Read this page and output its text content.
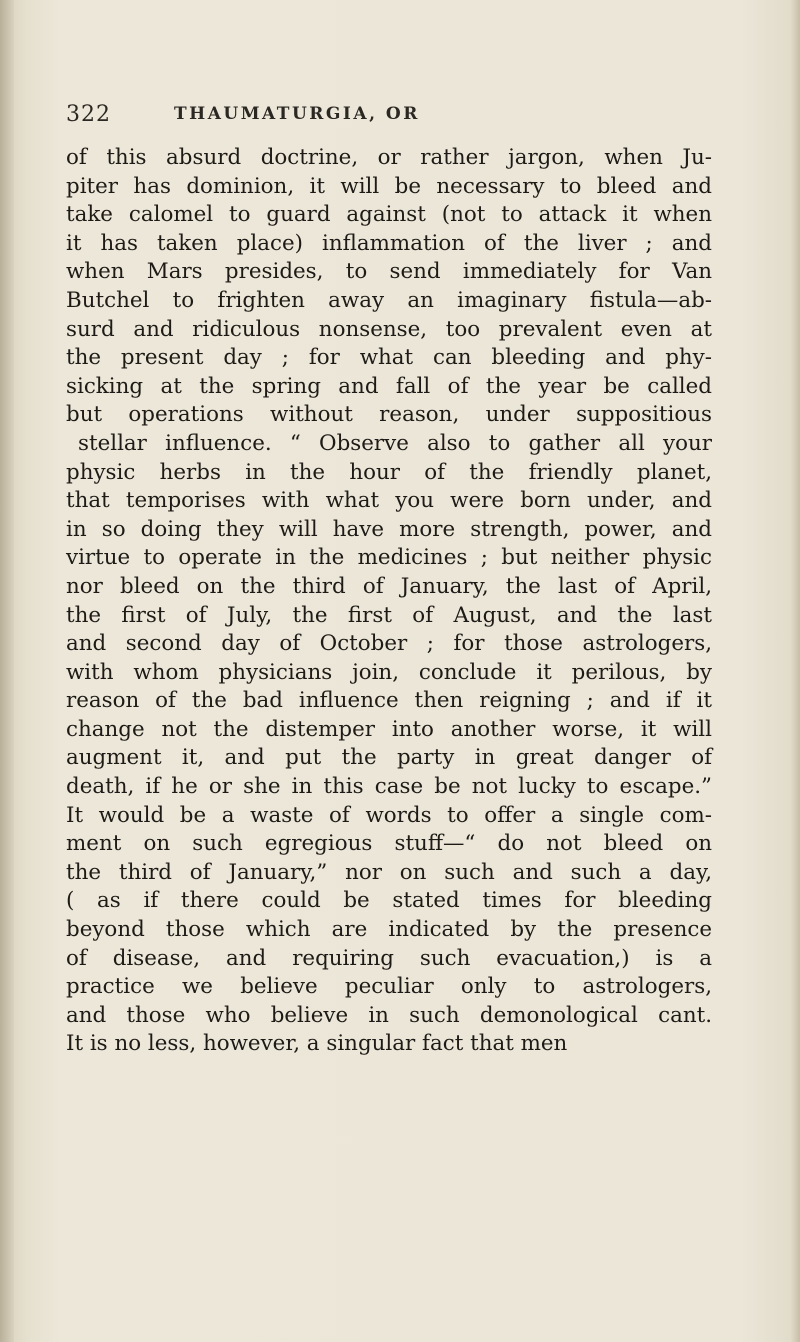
322	THAUMATURGIA, OR
of this absurd doctrine, or rather jargon, when Ju-
piter has dominion, it will be necessary to bleed and
take calomel to guard against (not to attack it when
it has taken place) inflammation of the liver ; and
when Mars presides, to send immediately for Van
Butchel to frighten away an imaginary fistula—ab-
surd and ridiculous nonsense, too prevalent even at
the present day ; for what can bleeding and phy-
sicking at the spring and fall of the year be called
but operations without reason, under suppositious
stellar influence. “ Observe also to gather all your
physic herbs in the hour of the friendly planet,
that temporises with what you were born under, and
in so doing they will have more strength, power, and
virtue to operate in the medicines ; but neither physic
nor bleed on the third of January, the last of April,
the first of July, the first of August, and the last
and second day of October ; for those astrologers,
with whom physicians join, conclude it perilous, by
reason of the bad influence then reigning ; and if it
change not the distemper into another worse, it will
augment it, and put the party in great danger of
death, if he or she in this case be not lucky to escape.”
It would be a waste of words to offer a single com-
ment on such egregious stuff—“ do not bleed on
the third of January,” nor on such and such a day,
( as if there could be stated times for bleeding
beyond those which are indicated by the presence
of disease, and requiring such evacuation,) is a
practice we believe peculiar only to astrologers,
and those who believe in such demonological cant.
It is no less, however, a singular fact that men
